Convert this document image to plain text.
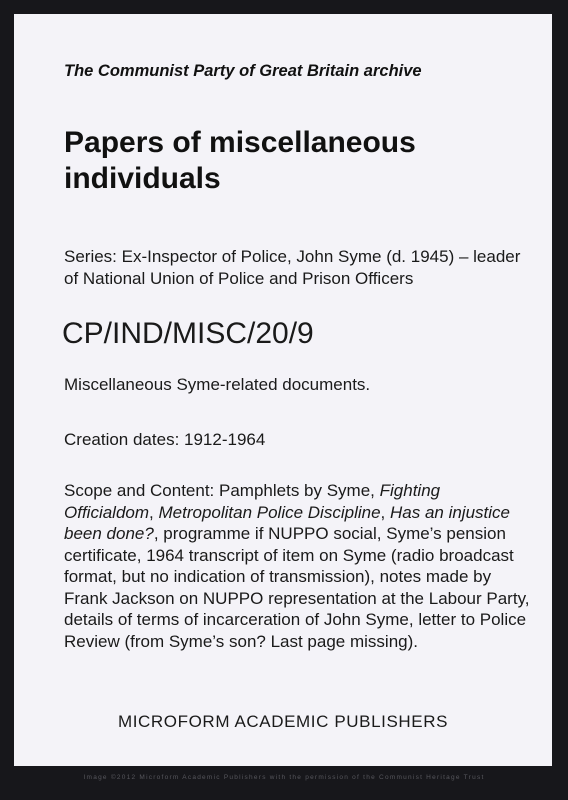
The Communist Party of Great Britain archive

Papers of miscellaneous individuals

Series: Ex-Inspector of Police, John Syme (d. 1945) – leader of National Union of Police and Prison Officers

CP/IND/MISC/20/9

Miscellaneous Syme-related documents.

Creation dates: 1912-1964

Scope and Content: Pamphlets by Syme, Fighting Officialdom, Metropolitan Police Discipline, Has an injustice been done?, programme if NUPPO social, Syme’s pension certificate, 1964 transcript of item on Syme (radio broadcast format, but no indication of transmission), notes made by Frank Jackson on NUPPO representation at the Labour Party, details of terms of incarceration of John Syme, letter to Police Review (from Syme’s son? Last page missing).

MICROFORM ACADEMIC PUBLISHERS

Image ©2012 Microform Academic Publishers with the permission of the Communist Heritage Trust
